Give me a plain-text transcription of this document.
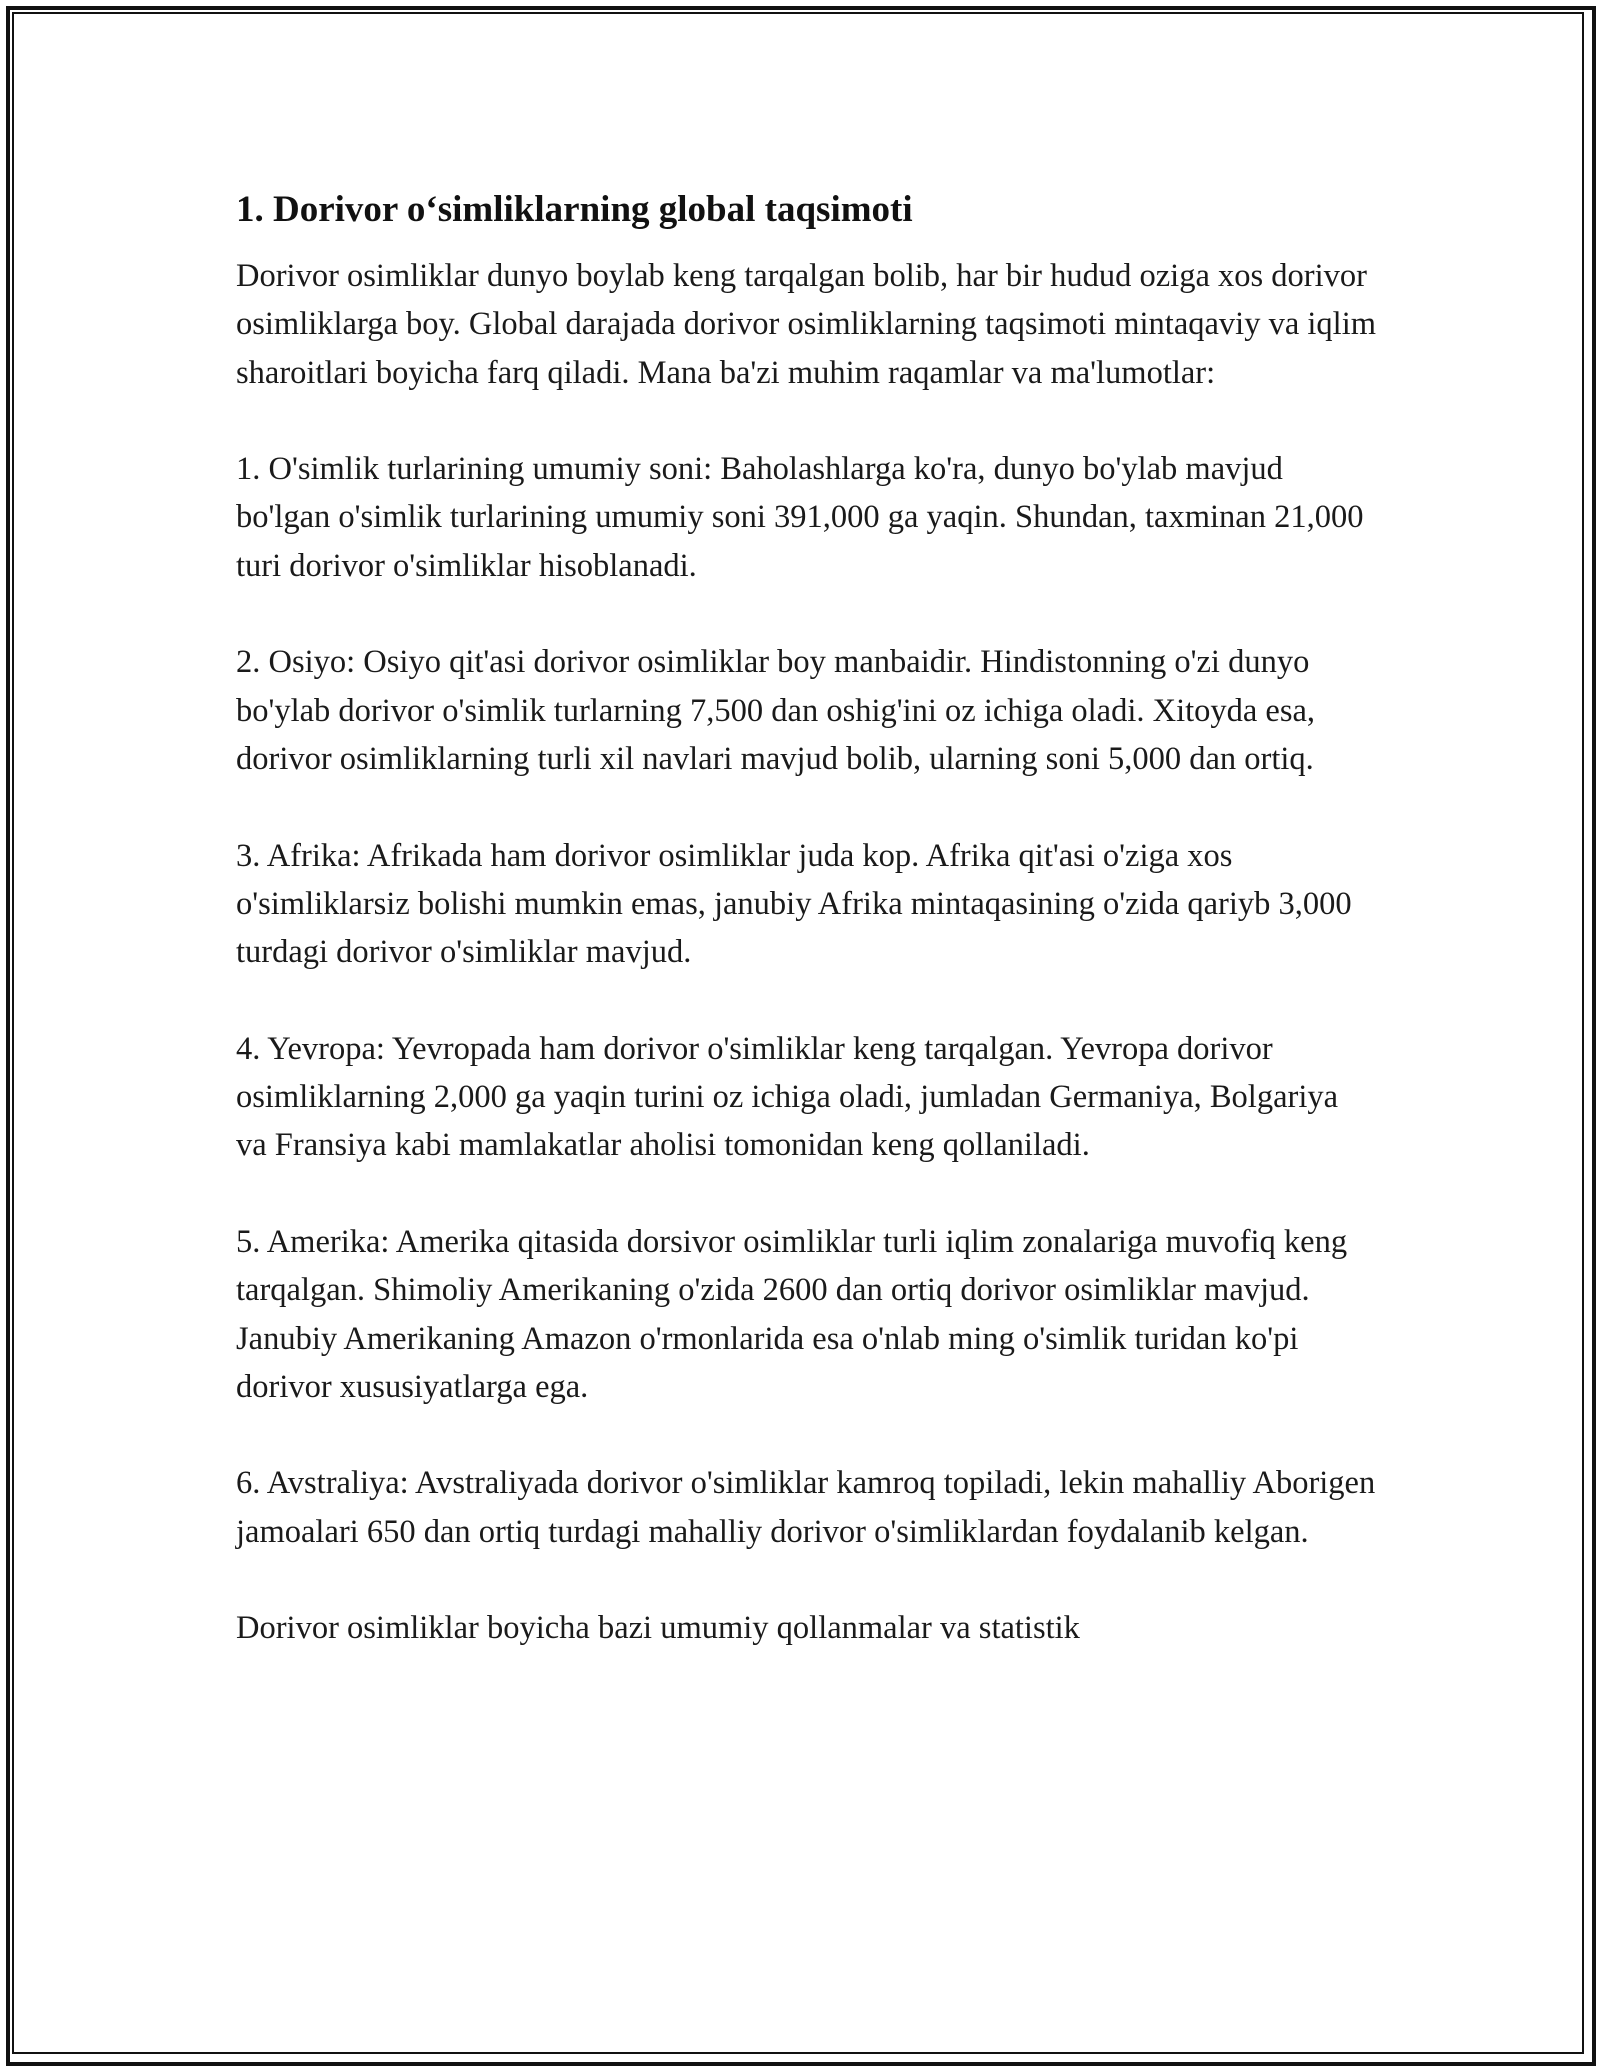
1. Dorivor o‘simliklarning global taqsimoti

Dorivor osimliklar dunyo boylab keng tarqalgan bolib, har bir hudud oziga xos dorivor osimliklarga boy. Global darajada dorivor osimliklarning taqsimoti mintaqaviy va iqlim sharoitlari boyicha farq qiladi. Mana ba'zi muhim raqamlar va ma'lumotlar:

1. O'simlik turlarining umumiy soni: Baholashlarga ko'ra, dunyo bo'ylab mavjud bo'lgan o'simlik turlarining umumiy soni 391,000 ga yaqin. Shundan, taxminan 21,000 turi dorivor o'simliklar hisoblanadi.

2. Osiyo: Osiyo qit'asi dorivor osimliklar boy manbaidir. Hindistonning o'zi dunyo bo'ylab dorivor o'simlik turlarning 7,500 dan oshig'ini oz ichiga oladi. Xitoyda esa, dorivor osimliklarning turli xil navlari mavjud bolib, ularning soni 5,000 dan ortiq.

3. Afrika: Afrikada ham dorivor osimliklar juda kop. Afrika qit'asi o'ziga xos o'simliklarsiz bolishi mumkin emas, janubiy Afrika mintaqasining o'zida qariyb 3,000 turdagi dorivor o'simliklar mavjud.

4. Yevropa: Yevropada ham dorivor o'simliklar keng tarqalgan. Yevropa dorivor osimliklarning 2,000 ga yaqin turini oz ichiga oladi, jumladan Germaniya, Bolgariya va Fransiya kabi mamlakatlar aholisi tomonidan keng qollaniladi.

5. Amerika: Amerika qitasida dorsivor osimliklar turli iqlim zonalariga muvofiq keng tarqalgan. Shimoliy Amerikaning o'zida 2600 dan ortiq dorivor osimliklar mavjud. Janubiy Amerikaning Amazon o'rmonlarida esa o'nlab ming o'simlik turidan ko'pi dorivor xususiyatlarga ega.

6. Avstraliya: Avstraliyada dorivor o'simliklar kamroq topiladi, lekin mahalliy Aborigen jamoalari 650 dan ortiq turdagi mahalliy dorivor o'simliklardan foydalanib kelgan.

Dorivor osimliklar boyicha bazi umumiy qollanmalar va statistik
